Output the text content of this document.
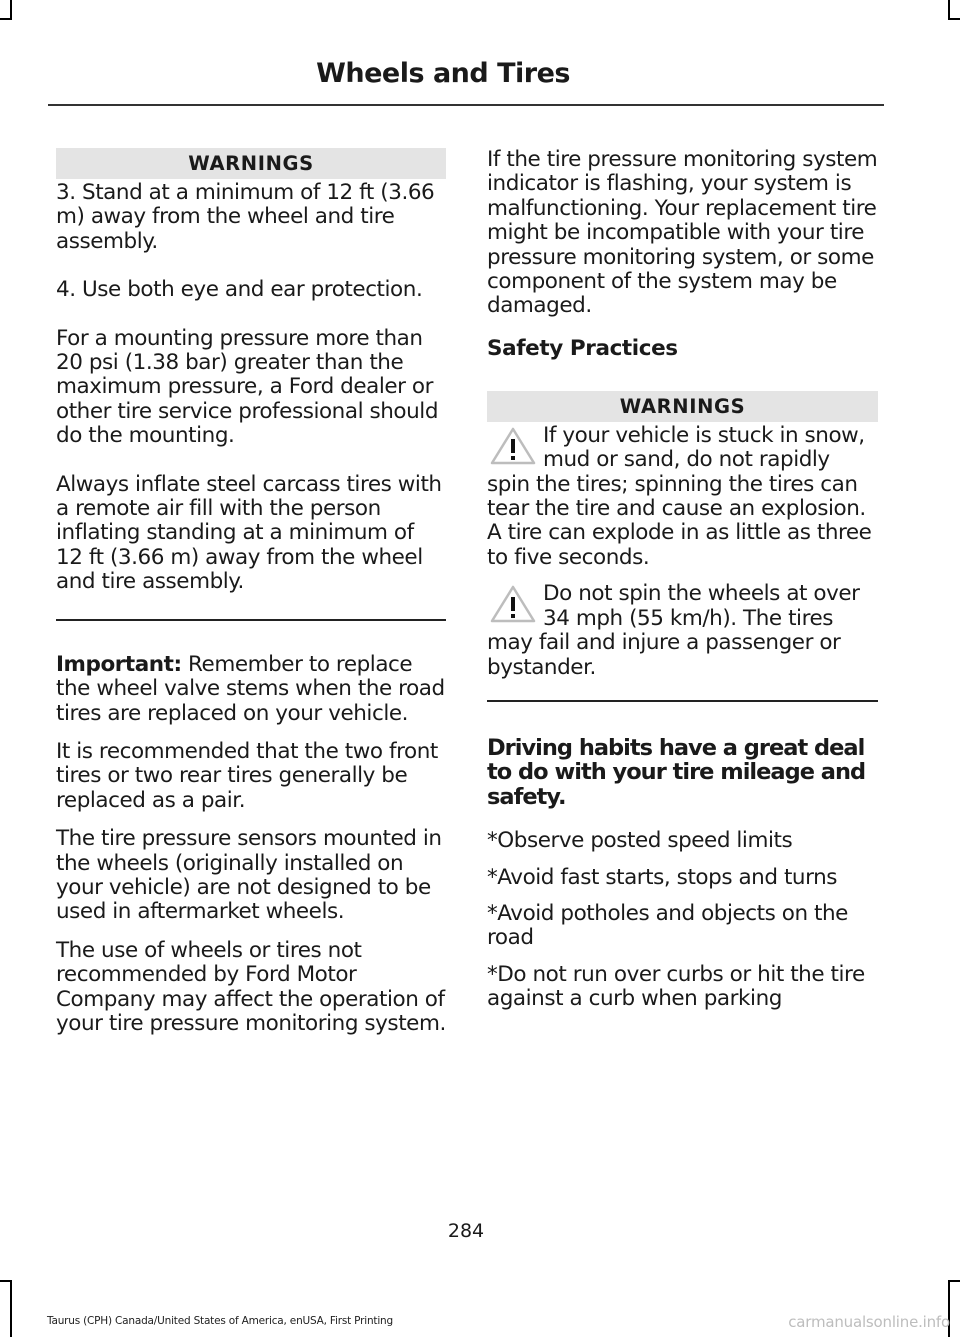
Wheels and Tires
WARNINGS

3. Stand at a minimum of 12 ft (3.66 m) away from the wheel and tire assembly.

4. Use both eye and ear protection.

For a mounting pressure more than 20 psi (1.38 bar) greater than the maximum pressure, a Ford dealer or other tire service professional should do the mounting.

Always inflate steel carcass tires with a remote air fill with the person inflating standing at a minimum of 12 ft (3.66 m) away from the wheel and tire assembly.

Important: Remember to replace the wheel valve stems when the road tires are replaced on your vehicle.

It is recommended that the two front tires or two rear tires generally be replaced as a pair.

The tire pressure sensors mounted in the wheels (originally installed on your vehicle) are not designed to be used in aftermarket wheels.

The use of wheels or tires not recommended by Ford Motor Company may affect the operation of your tire pressure monitoring system.

If the tire pressure monitoring system indicator is flashing, your system is malfunctioning. Your replacement tire might be incompatible with your tire pressure monitoring system, or some component of the system may be damaged.

Safety Practices
WARNINGS

If your vehicle is stuck in snow, mud or sand, do not rapidly spin the tires; spinning the tires can tear the tire and cause an explosion. A tire can explode in as little as three to five seconds.

Do not spin the wheels at over 34 mph (55 km/h). The tires may fail and injure a passenger or bystander.

Driving habits have a great deal to do with your tire mileage and safety.

*Observe posted speed limits

*Avoid fast starts, stops and turns

*Avoid potholes and objects on the road

*Do not run over curbs or hit the tire against a curb when parking

284
Taurus (CPH) Canada/United States of America, enUSA, First Printing	carmanualsonline.info
